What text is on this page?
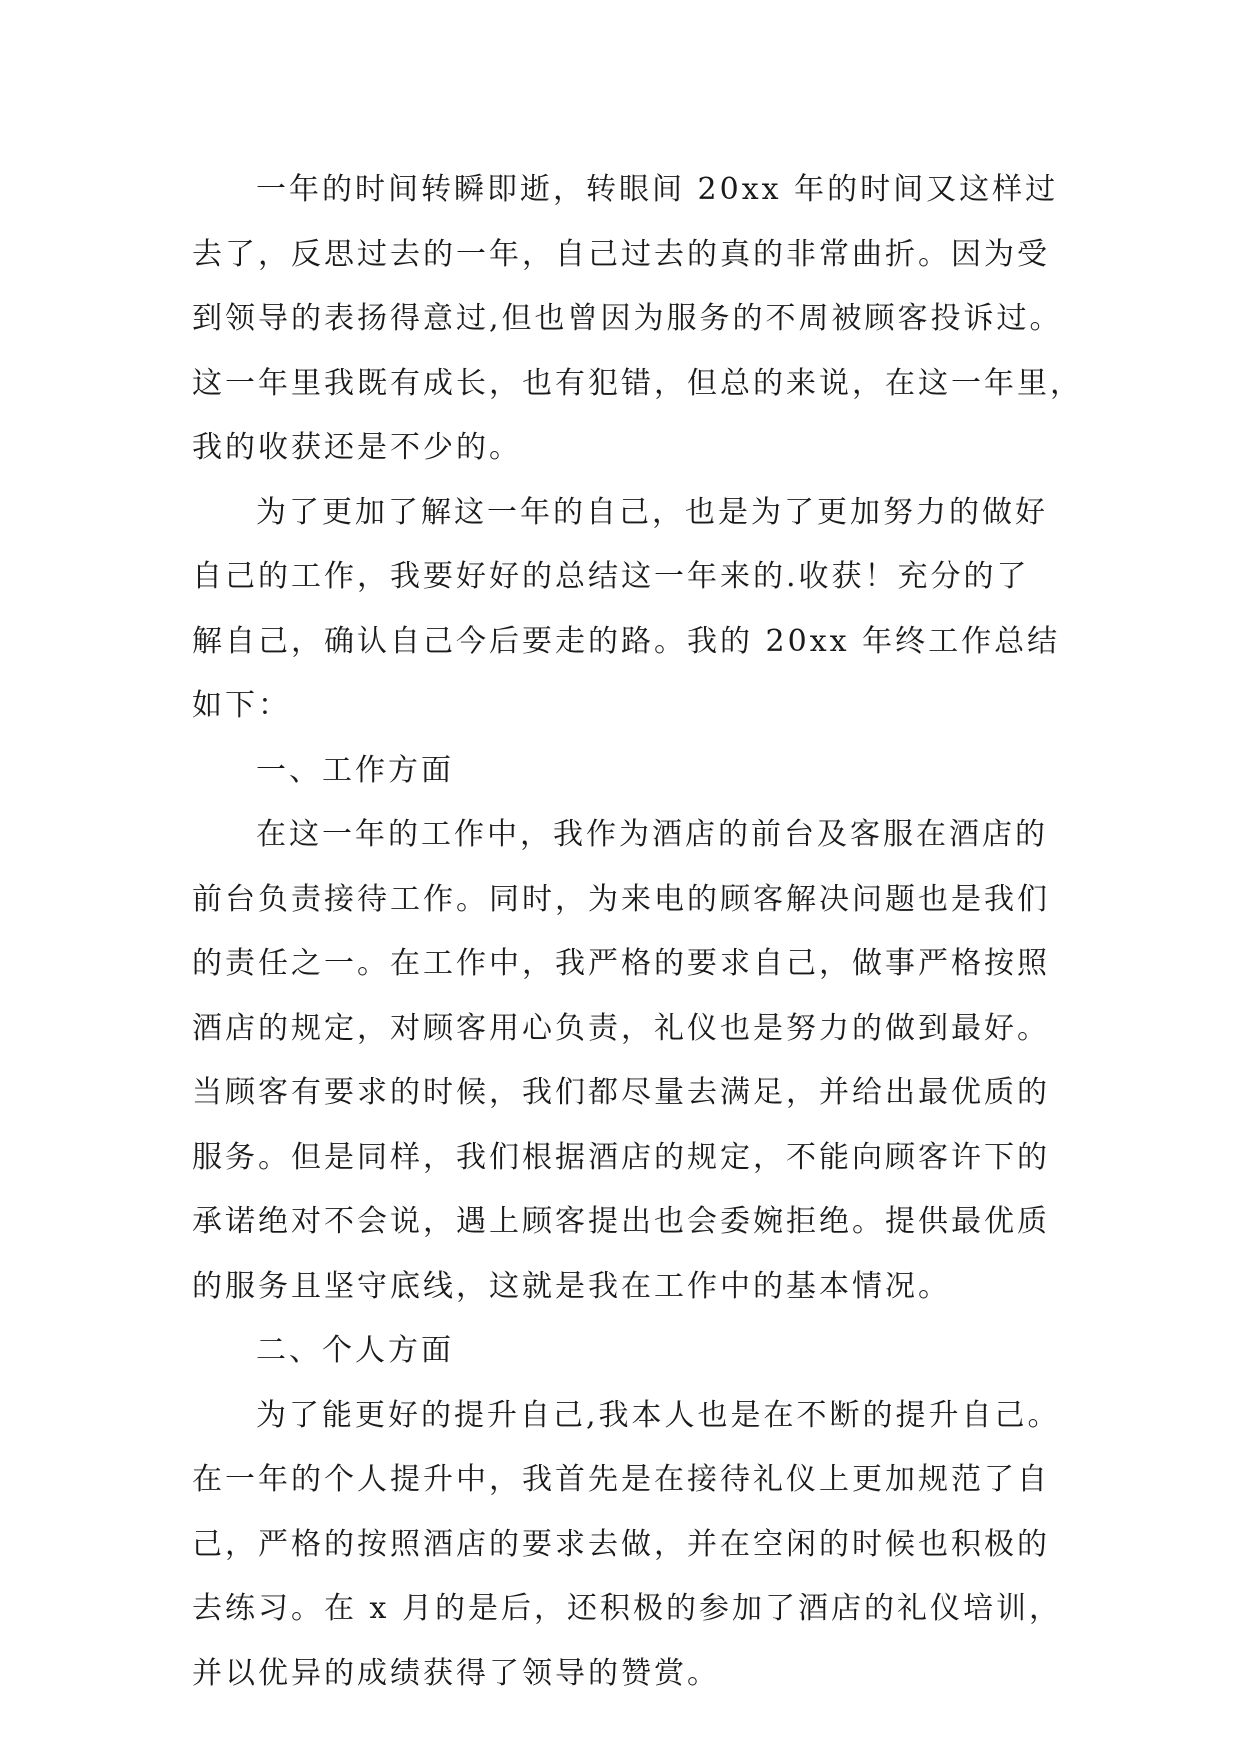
一年的时间转瞬即逝，转眼间 20xx 年的时间又这样过
去了，反思过去的一年，自己过去的真的非常曲折。因为受
到领导的表扬得意过,但也曾因为服务的不周被顾客投诉过。
这一年里我既有成长，也有犯错，但总的来说，在这一年里，
我的收获还是不少的。
为了更加了解这一年的自己，也是为了更加努力的做好
自己的工作，我要好好的总结这一年来的.收获！充分的了
解自己，确认自己今后要走的路。我的 20xx 年终工作总结
如下：
一、工作方面
在这一年的工作中，我作为酒店的前台及客服在酒店的
前台负责接待工作。同时，为来电的顾客解决问题也是我们
的责任之一。在工作中，我严格的要求自己，做事严格按照
酒店的规定，对顾客用心负责，礼仪也是努力的做到最好。
当顾客有要求的时候，我们都尽量去满足，并给出最优质的
服务。但是同样，我们根据酒店的规定，不能向顾客许下的
承诺绝对不会说，遇上顾客提出也会委婉拒绝。提供最优质
的服务且坚守底线，这就是我在工作中的基本情况。
二、个人方面
为了能更好的提升自己,我本人也是在不断的提升自己。
在一年的个人提升中，我首先是在接待礼仪上更加规范了自
己，严格的按照酒店的要求去做，并在空闲的时候也积极的
去练习。在 x 月的是后，还积极的参加了酒店的礼仪培训，
并以优异的成绩获得了领导的赞赏。
